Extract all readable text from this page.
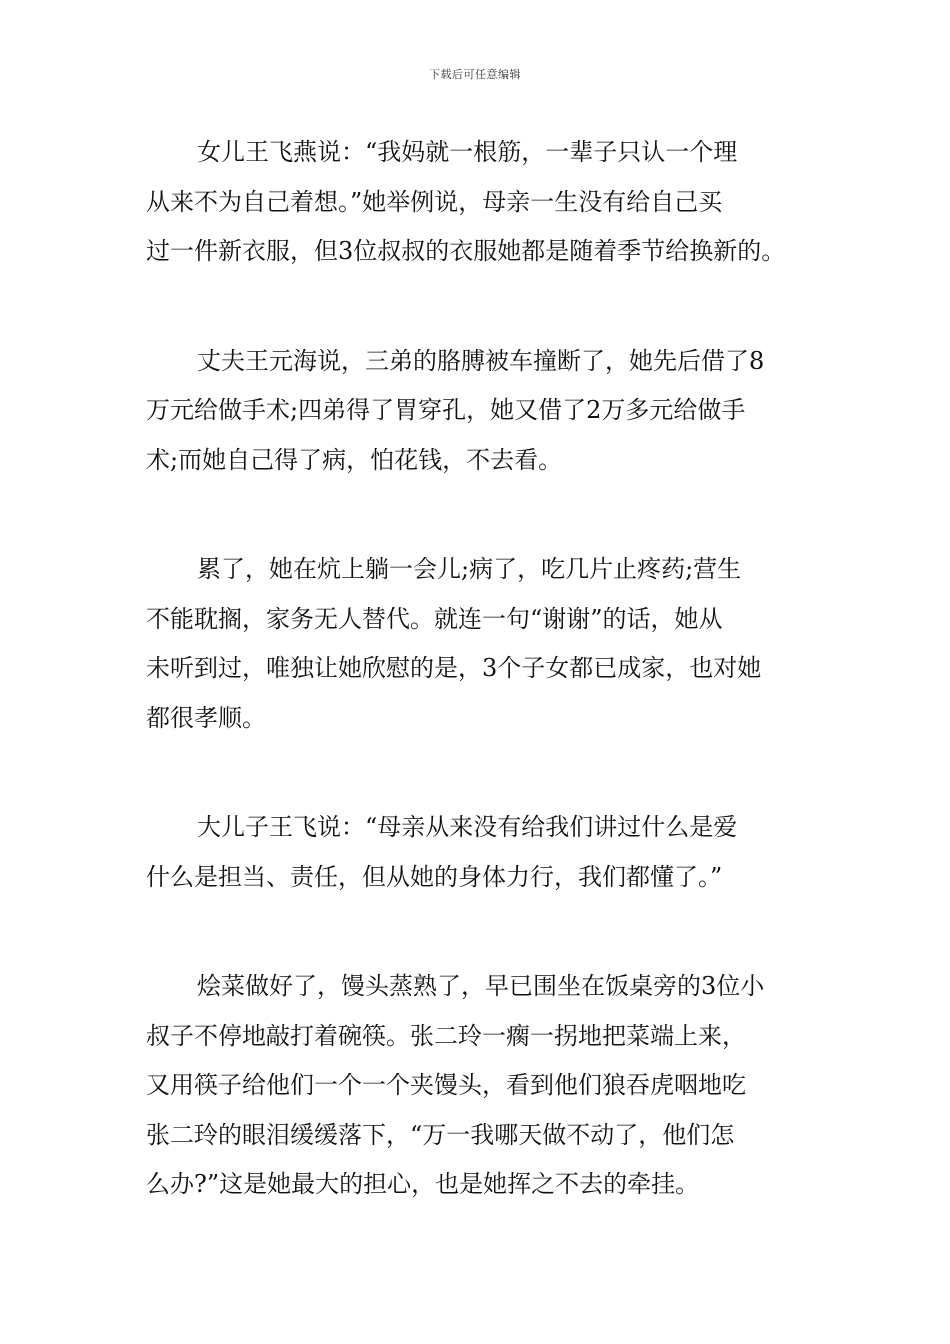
下载后可任意编辑
女儿王飞燕说：“我妈就一根筋，一辈子只认一个理
从来不为自己着想。”她举例说，母亲一生没有给自己买
过一件新衣服，但3位叔叔的衣服她都是随着季节给换新的。
丈夫王元海说，三弟的胳膊被车撞断了，她先后借了8
万元给做手术;四弟得了胃穿孔，她又借了2万多元给做手
术;而她自己得了病，怕花钱，不去看。
累了，她在炕上躺一会儿;病了，吃几片止疼药;营生
不能耽搁，家务无人替代。就连一句“谢谢”的话，她从
未听到过，唯独让她欣慰的是，3个子女都已成家，也对她
都很孝顺。
大儿子王飞说：“母亲从来没有给我们讲过什么是爱
什么是担当、责任，但从她的身体力行，我们都懂了。”
烩菜做好了，馒头蒸熟了，早已围坐在饭桌旁的3位小
叔子不停地敲打着碗筷。张二玲一瘸一拐地把菜端上来，
又用筷子给他们一个一个夹馒头，看到他们狼吞虎咽地吃
张二玲的眼泪缓缓落下，“万一我哪天做不动了，他们怎
么办?”这是她最大的担心，也是她挥之不去的牵挂。
